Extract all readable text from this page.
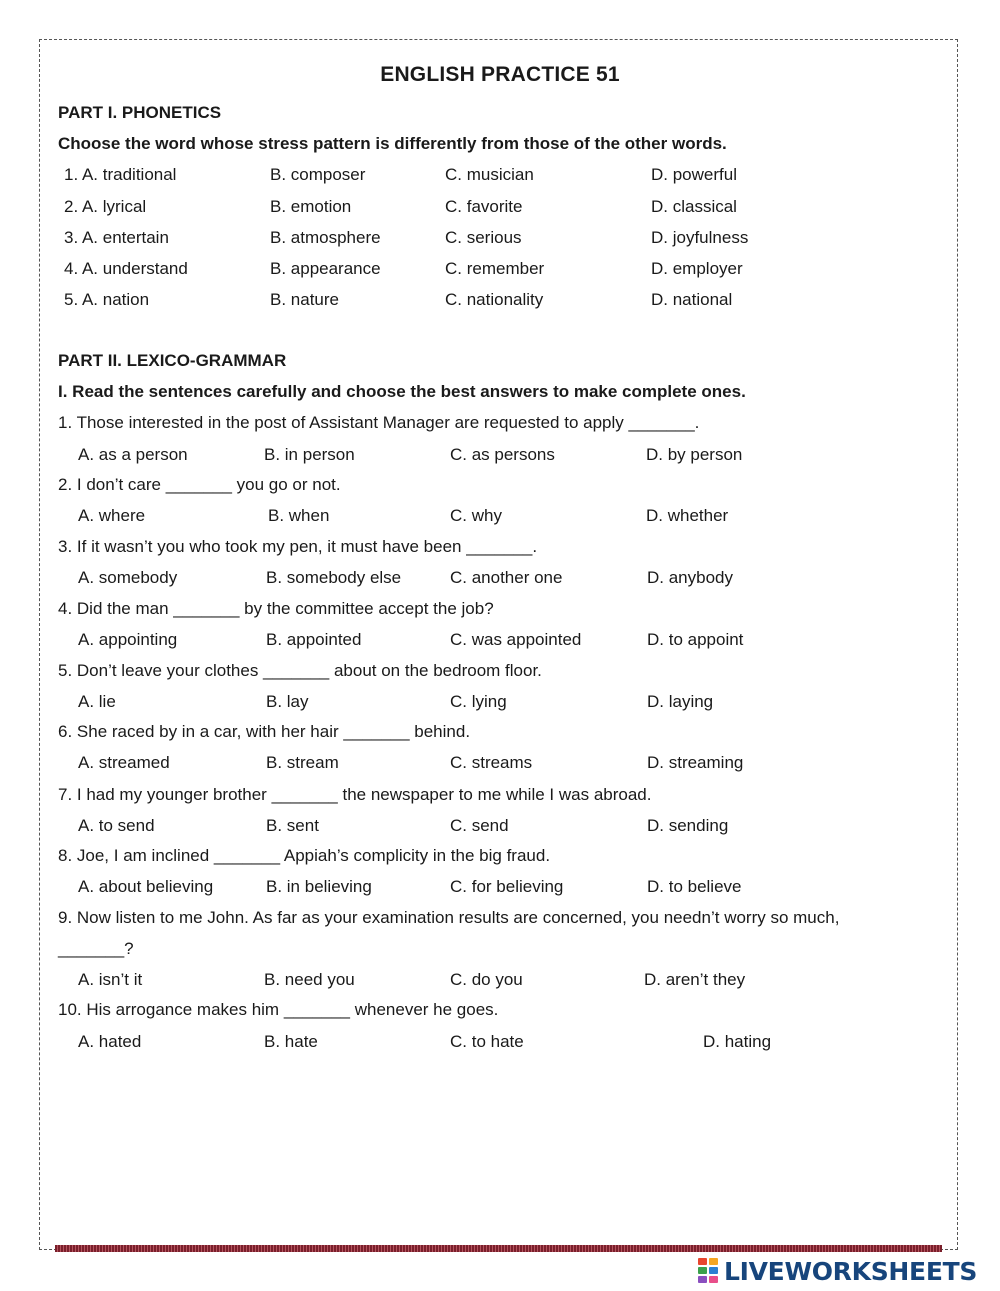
ENGLISH PRACTICE 51
PART I. PHONETICS
Choose the word whose stress pattern is differently from those of the other words.
1. A. traditional	B. composer	C. musician	D. powerful
2. A. lyrical	B. emotion	C. favorite	D. classical
3. A. entertain	B. atmosphere	C. serious	D. joyfulness
4. A. understand	B. appearance	C. remember	D. employer
5. A. nation	B. nature	C. nationality	D. national
PART II. LEXICO-GRAMMAR
I. Read the sentences carefully and choose the best answers to make complete ones.
1. Those interested in the post of Assistant Manager are requested to apply _______.
A. as a person	B. in person	C. as persons	D. by person
2. I don’t care _______ you go or not.
A. where	B. when	C. why	D. whether
3. If it wasn’t you who took my pen, it must have been _______.
A. somebody	B. somebody else	C. another one	D. anybody
4. Did the man _______ by the committee accept the job?
A. appointing	B. appointed	C. was appointed	D. to appoint
5. Don’t leave your clothes _______ about on the bedroom floor.
A. lie	B. lay	C. lying	D. laying
6. She raced by in a car, with her hair _______ behind.
A. streamed	B. stream	C. streams	D. streaming
7. I had my younger brother _______ the newspaper to me while I was abroad.
A. to send	B. sent	C. send	D. sending
8. Joe, I am inclined _______ Appiah’s complicity in the big fraud.
A. about believing	B. in believing	C. for believing	D. to believe
9. Now listen to me John. As far as your examination results are concerned, you needn’t worry so much,
_______?
A. isn’t it	B. need you	C. do you	D. aren’t they
10. His arrogance makes him _______ whenever he goes.
A. hated	B. hate	C. to hate	D. hating
LIVEWORKSHEETS
